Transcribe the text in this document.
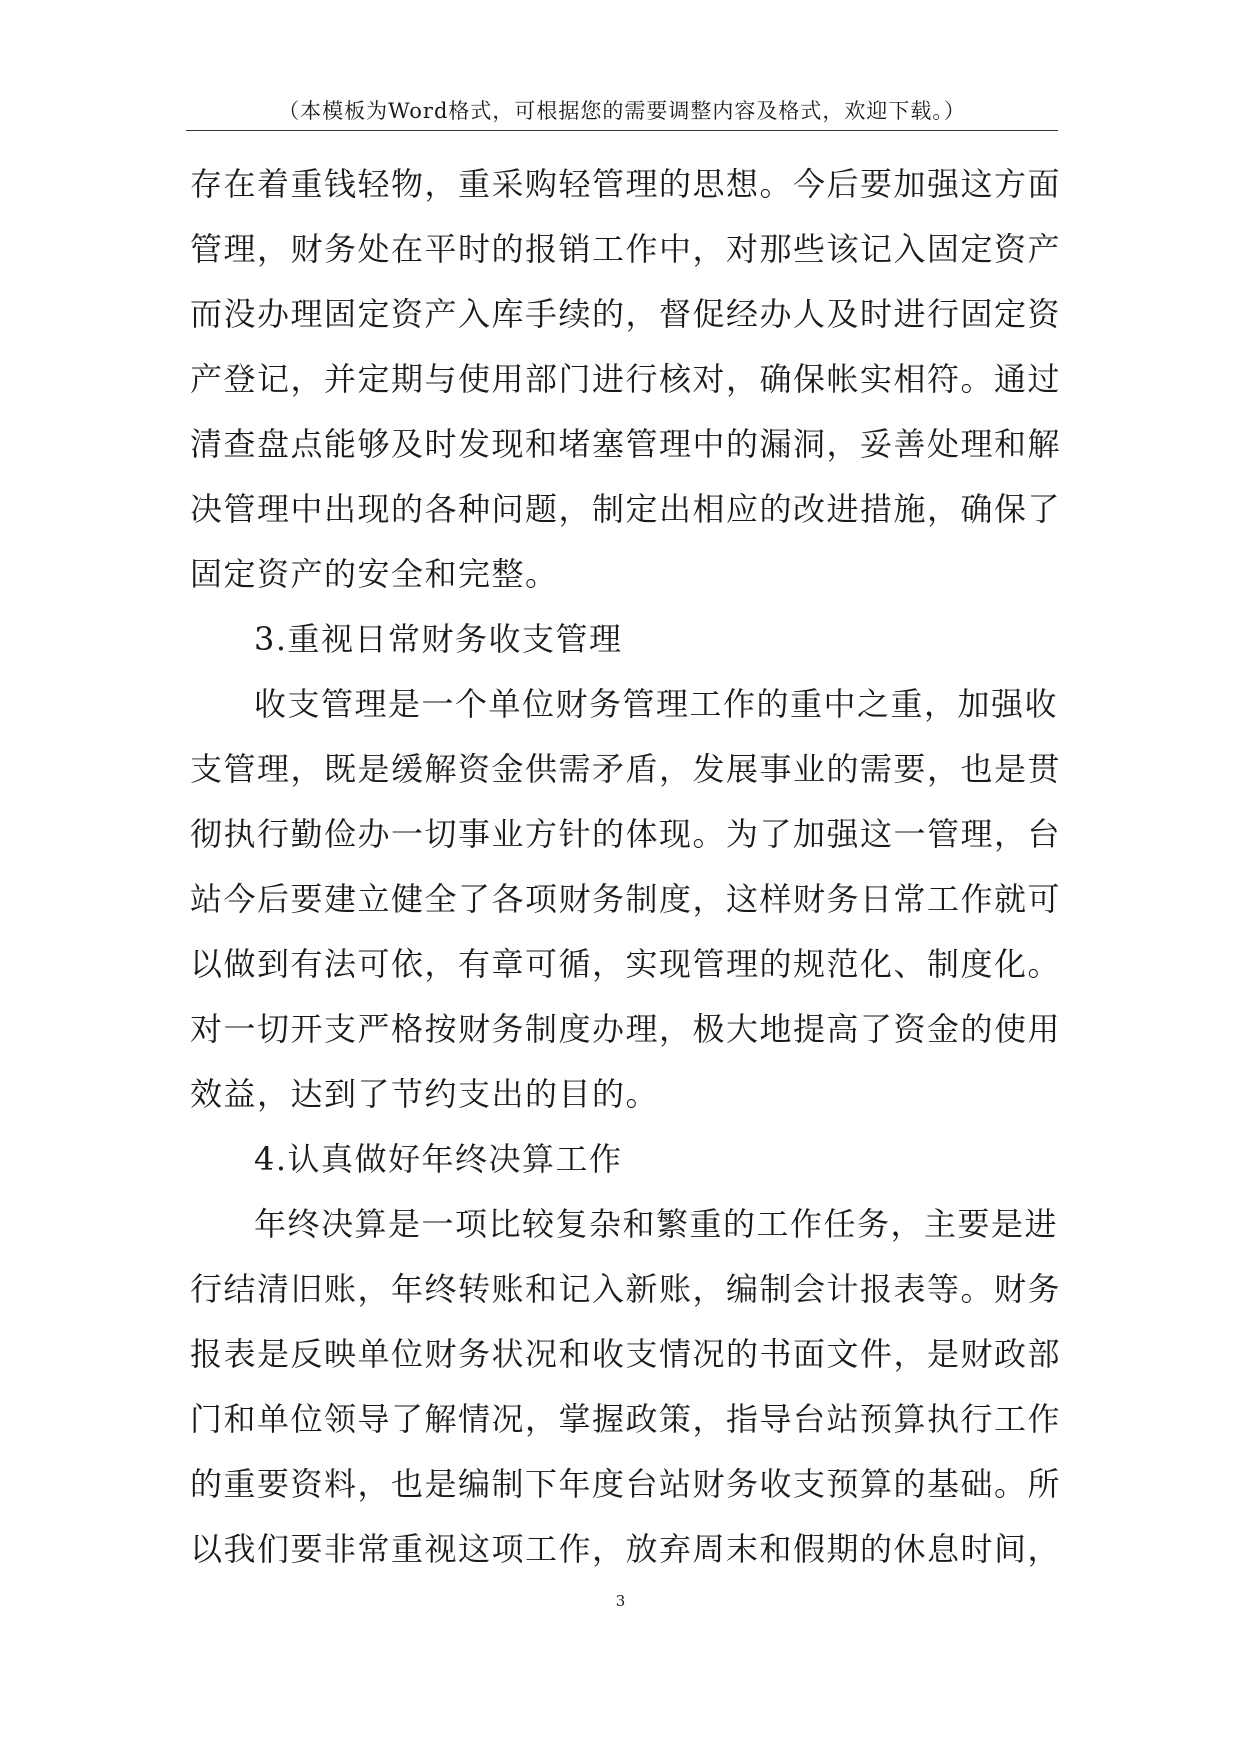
（本模板为Word格式，可根据您的需要调整内容及格式，欢迎下载。）
存在着重钱轻物，重采购轻管理的思想。今后要加强这方面
管理，财务处在平时的报销工作中，对那些该记入固定资产
而没办理固定资产入库手续的，督促经办人及时进行固定资
产登记，并定期与使用部门进行核对，确保帐实相符。通过
清查盘点能够及时发现和堵塞管理中的漏洞，妥善处理和解
决管理中出现的各种问题，制定出相应的改进措施，确保了
固定资产的安全和完整。
3.重视日常财务收支管理
收支管理是一个单位财务管理工作的重中之重，加强收
支管理，既是缓解资金供需矛盾，发展事业的需要，也是贯
彻执行勤俭办一切事业方针的体现。为了加强这一管理，台
站今后要建立健全了各项财务制度，这样财务日常工作就可
以做到有法可依，有章可循，实现管理的规范化、制度化。
对一切开支严格按财务制度办理，极大地提高了资金的使用
效益，达到了节约支出的目的。
4.认真做好年终决算工作
年终决算是一项比较复杂和繁重的工作任务，主要是进
行结清旧账，年终转账和记入新账，编制会计报表等。财务
报表是反映单位财务状况和收支情况的书面文件，是财政部
门和单位领导了解情况，掌握政策，指导台站预算执行工作
的重要资料，也是编制下年度台站财务收支预算的基础。所
以我们要非常重视这项工作，放弃周末和假期的休息时间，
3
